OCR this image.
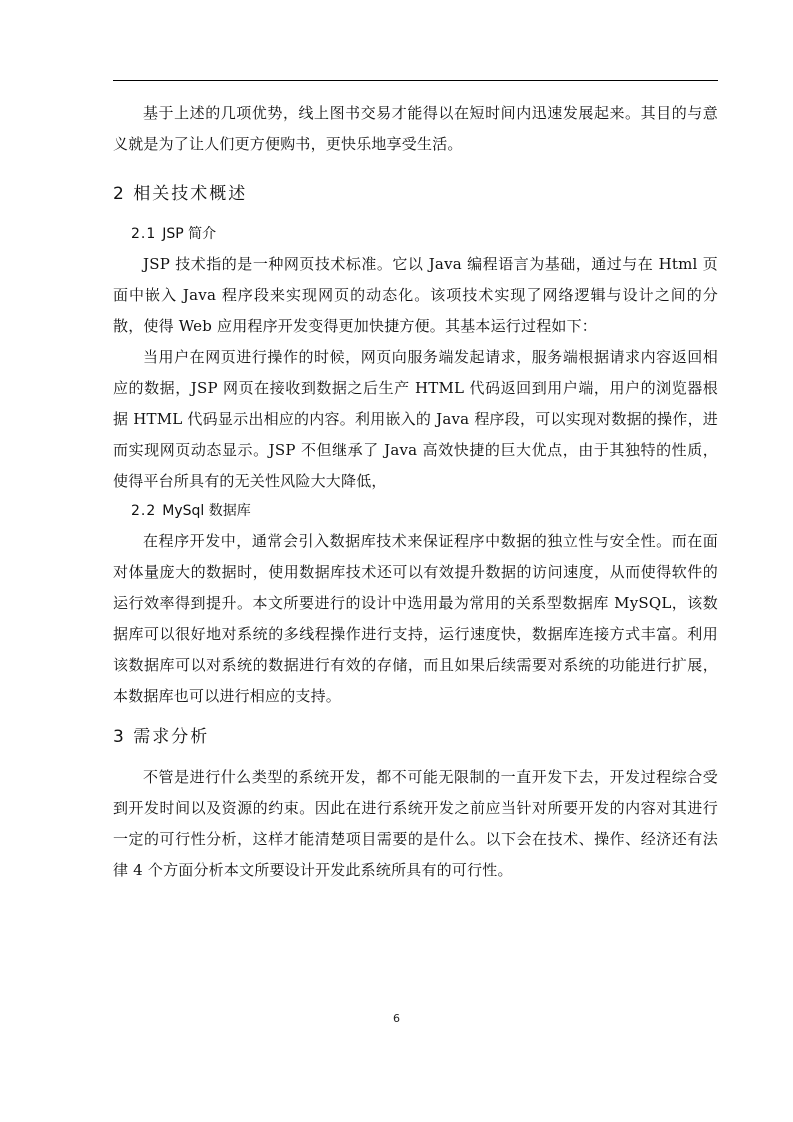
基于上述的几项优势，线上图书交易才能得以在短时间内迅速发展起来。其目的与意义就是为了让人们更方便购书，更快乐地享受生活。

2 相关技术概述
2.1 JSP 简介

JSP 技术指的是一种网页技术标准。它以 Java 编程语言为基础，通过与在 Html 页面中嵌入 Java 程序段来实现网页的动态化。该项技术实现了网络逻辑与设计之间的分散，使得 Web 应用程序开发变得更加快捷方便。其基本运行过程如下：

当用户在网页进行操作的时候，网页向服务端发起请求，服务端根据请求内容返回相应的数据，JSP 网页在接收到数据之后生产 HTML 代码返回到用户端，用户的浏览器根据 HTML 代码显示出相应的内容。利用嵌入的 Java 程序段，可以实现对数据的操作，进而实现网页动态显示。JSP 不但继承了 Java 高效快捷的巨大优点，由于其独特的性质，使得平台所具有的无关性风险大大降低，

2.2 MySql 数据库

在程序开发中，通常会引入数据库技术来保证程序中数据的独立性与安全性。而在面对体量庞大的数据时，使用数据库技术还可以有效提升数据的访问速度，从而使得软件的运行效率得到提升。本文所要进行的设计中选用最为常用的关系型数据库 MySQL，该数据库可以很好地对系统的多线程操作进行支持，运行速度快，数据库连接方式丰富。利用该数据库可以对系统的数据进行有效的存储，而且如果后续需要对系统的功能进行扩展，本数据库也可以进行相应的支持。

3 需求分析

不管是进行什么类型的系统开发，都不可能无限制的一直开发下去，开发过程综合受到开发时间以及资源的约束。因此在进行系统开发之前应当针对所要开发的内容对其进行一定的可行性分析，这样才能清楚项目需要的是什么。以下会在技术、操作、经济还有法律 4 个方面分析本文所要设计开发此系统所具有的可行性。

6
